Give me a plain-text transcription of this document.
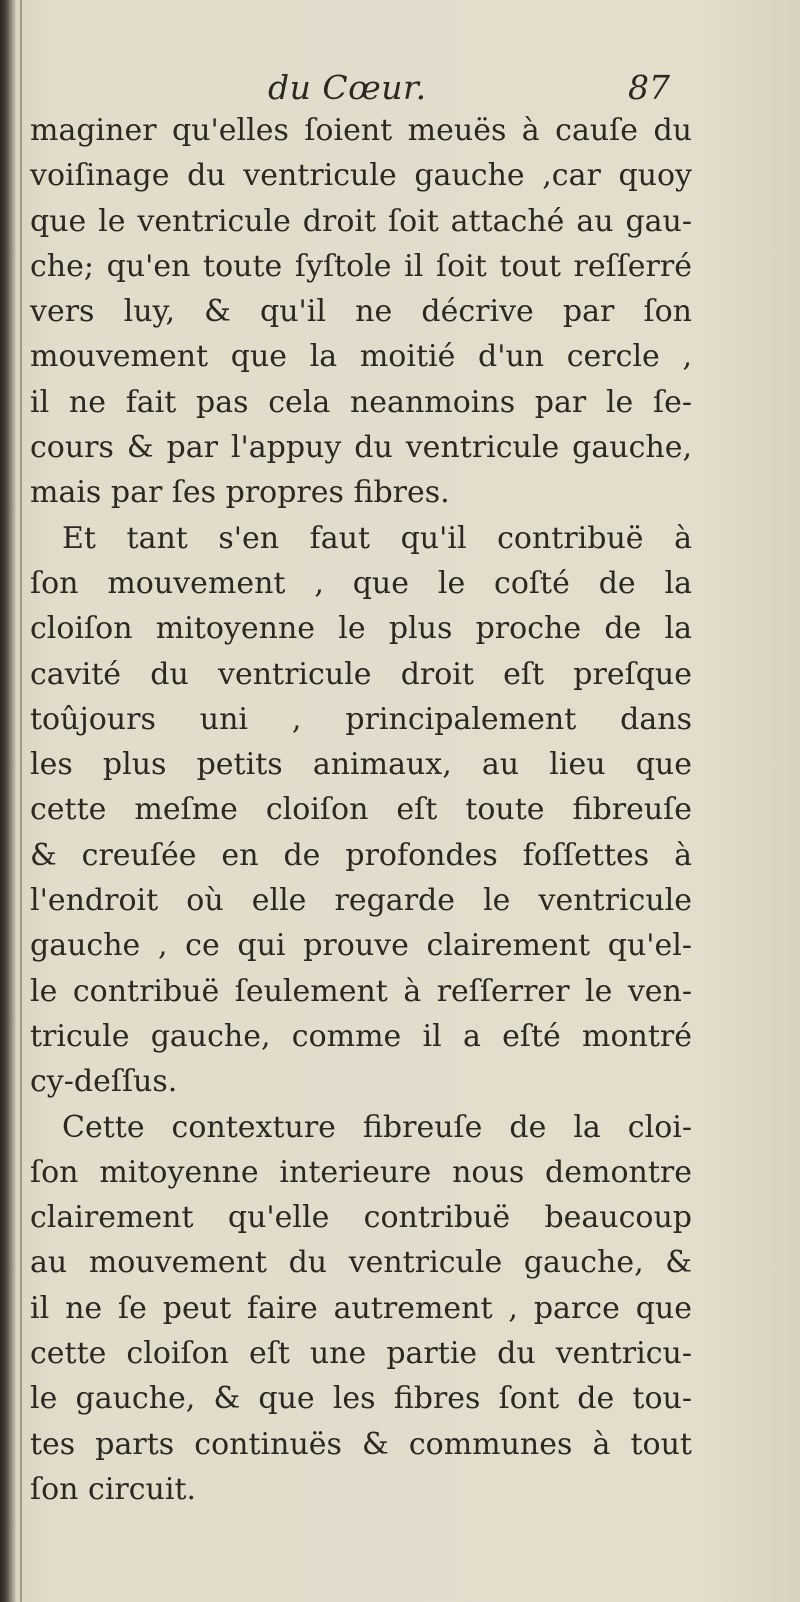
du Cœur.	87
maginer qu'elles ſoient meuës à cauſe du
voiſinage du ventricule gauche ,car quoy
que le ventricule droit ſoit attaché au gau-
che; qu'en toute ſyſtole il ſoit tout reſſerré
vers luy, & qu'il ne décrive par ſon
mouvement que la moitié d'un cercle ,
il ne fait pas cela neanmoins par le ſe-
cours & par l'appuy du ventricule gauche,
mais par ſes propres fibres.
Et tant s'en faut qu'il contribuë à
ſon mouvement , que le coſté de la
cloiſon mitoyenne le plus proche de la
cavité du ventricule droit eſt preſque
toûjours uni , principalement dans
les plus petits animaux, au lieu que
cette meſme cloiſon eſt toute fibreuſe
& creuſée en de profondes foſſettes à
l'endroit où elle regarde le ventricule
gauche , ce qui prouve clairement qu'el-
le contribuë ſeulement à reſſerrer le ven-
tricule gauche, comme il a eſté montré
cy-deſſus.
Cette contexture fibreuſe de la cloi-
ſon mitoyenne interieure nous demontre
clairement qu'elle contribuë beaucoup
au mouvement du ventricule gauche, &
il ne ſe peut faire autrement , parce que
cette cloiſon eſt une partie du ventricu-
le gauche, & que les fibres ſont de tou-
tes parts continuës & communes à tout
ſon circuit.
